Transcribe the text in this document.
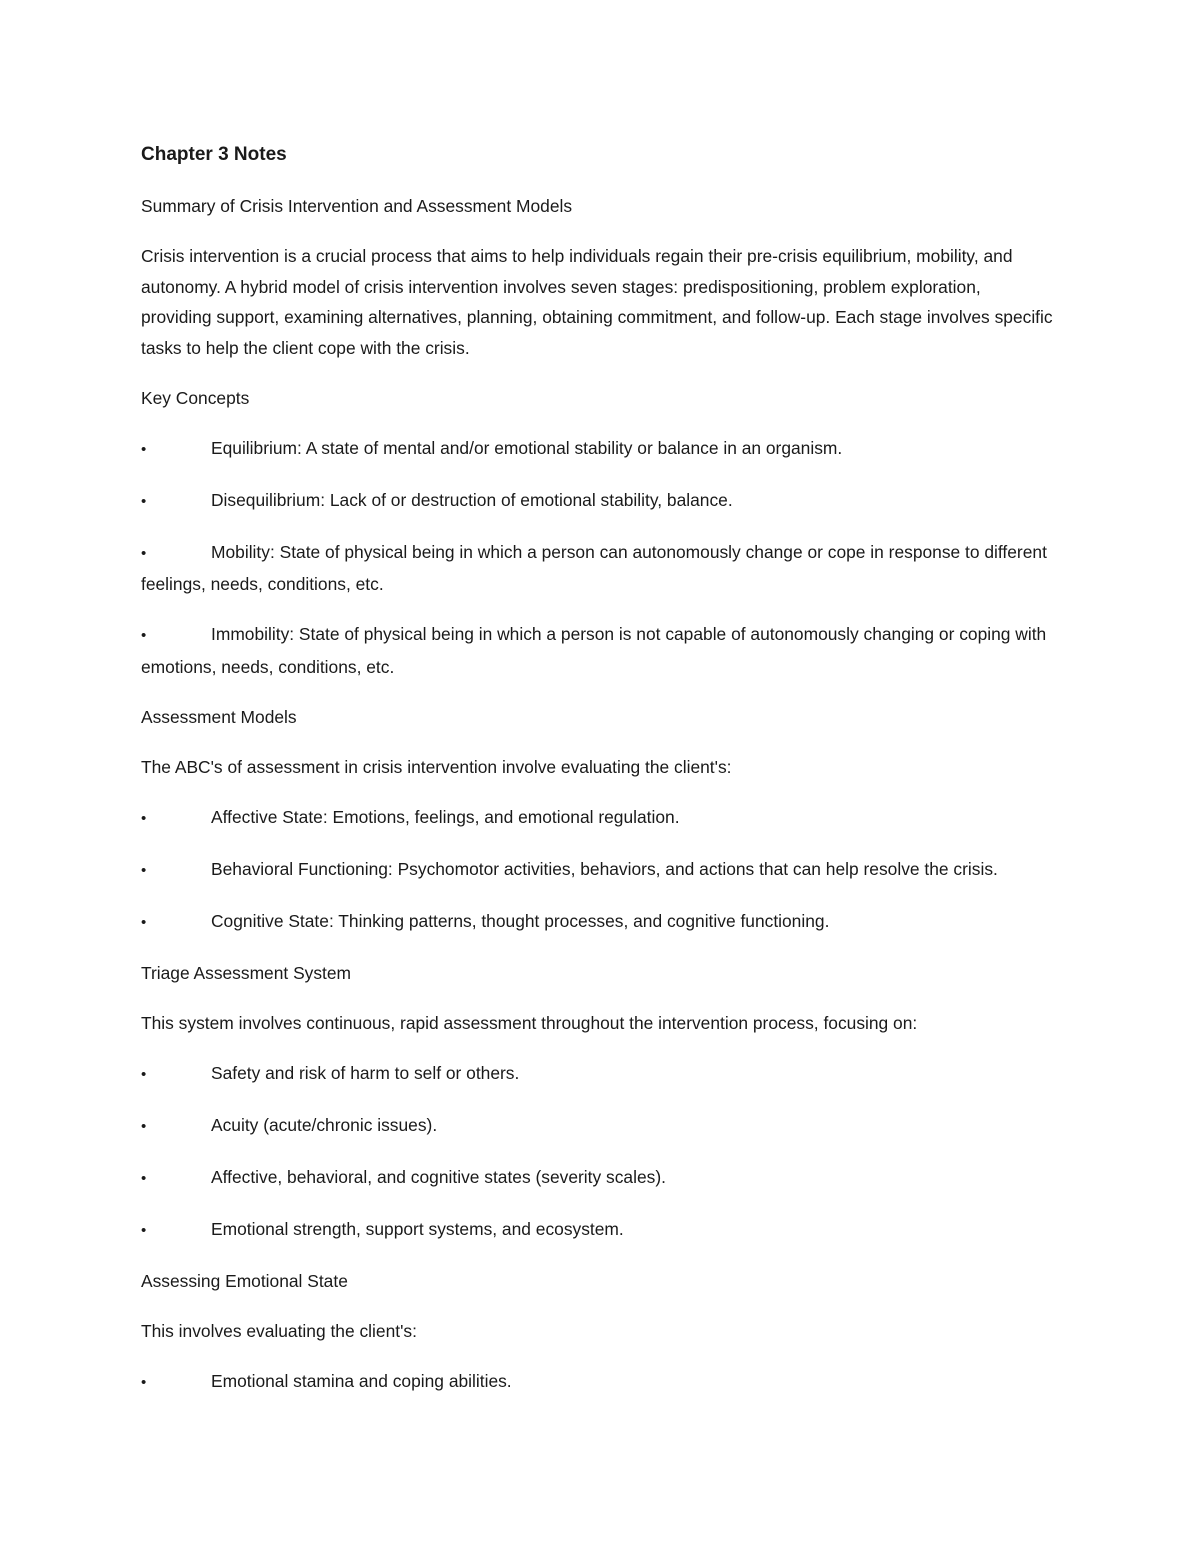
Chapter 3 Notes

Summary of Crisis Intervention and Assessment Models

Crisis intervention is a crucial process that aims to help individuals regain their pre-crisis equilibrium, mobility, and autonomy. A hybrid model of crisis intervention involves seven stages: predispositioning, problem exploration, providing support, examining alternatives, planning, obtaining commitment, and follow-up. Each stage involves specific tasks to help the client cope with the crisis.

Key Concepts

•	Equilibrium: A state of mental and/or emotional stability or balance in an organism.
•	Disequilibrium: Lack of or destruction of emotional stability, balance.
•	Mobility: State of physical being in which a person can autonomously change or cope in response to different feelings, needs, conditions, etc.
•	Immobility: State of physical being in which a person is not capable of autonomously changing or coping with emotions, needs, conditions, etc.

Assessment Models

The ABC's of assessment in crisis intervention involve evaluating the client's:

•	Affective State: Emotions, feelings, and emotional regulation.
•	Behavioral Functioning: Psychomotor activities, behaviors, and actions that can help resolve the crisis.
•	Cognitive State: Thinking patterns, thought processes, and cognitive functioning.

Triage Assessment System

This system involves continuous, rapid assessment throughout the intervention process, focusing on:

•	Safety and risk of harm to self or others.
•	Acuity (acute/chronic issues).
•	Affective, behavioral, and cognitive states (severity scales).
•	Emotional strength, support systems, and ecosystem.

Assessing Emotional State

This involves evaluating the client's:

•	Emotional stamina and coping abilities.
